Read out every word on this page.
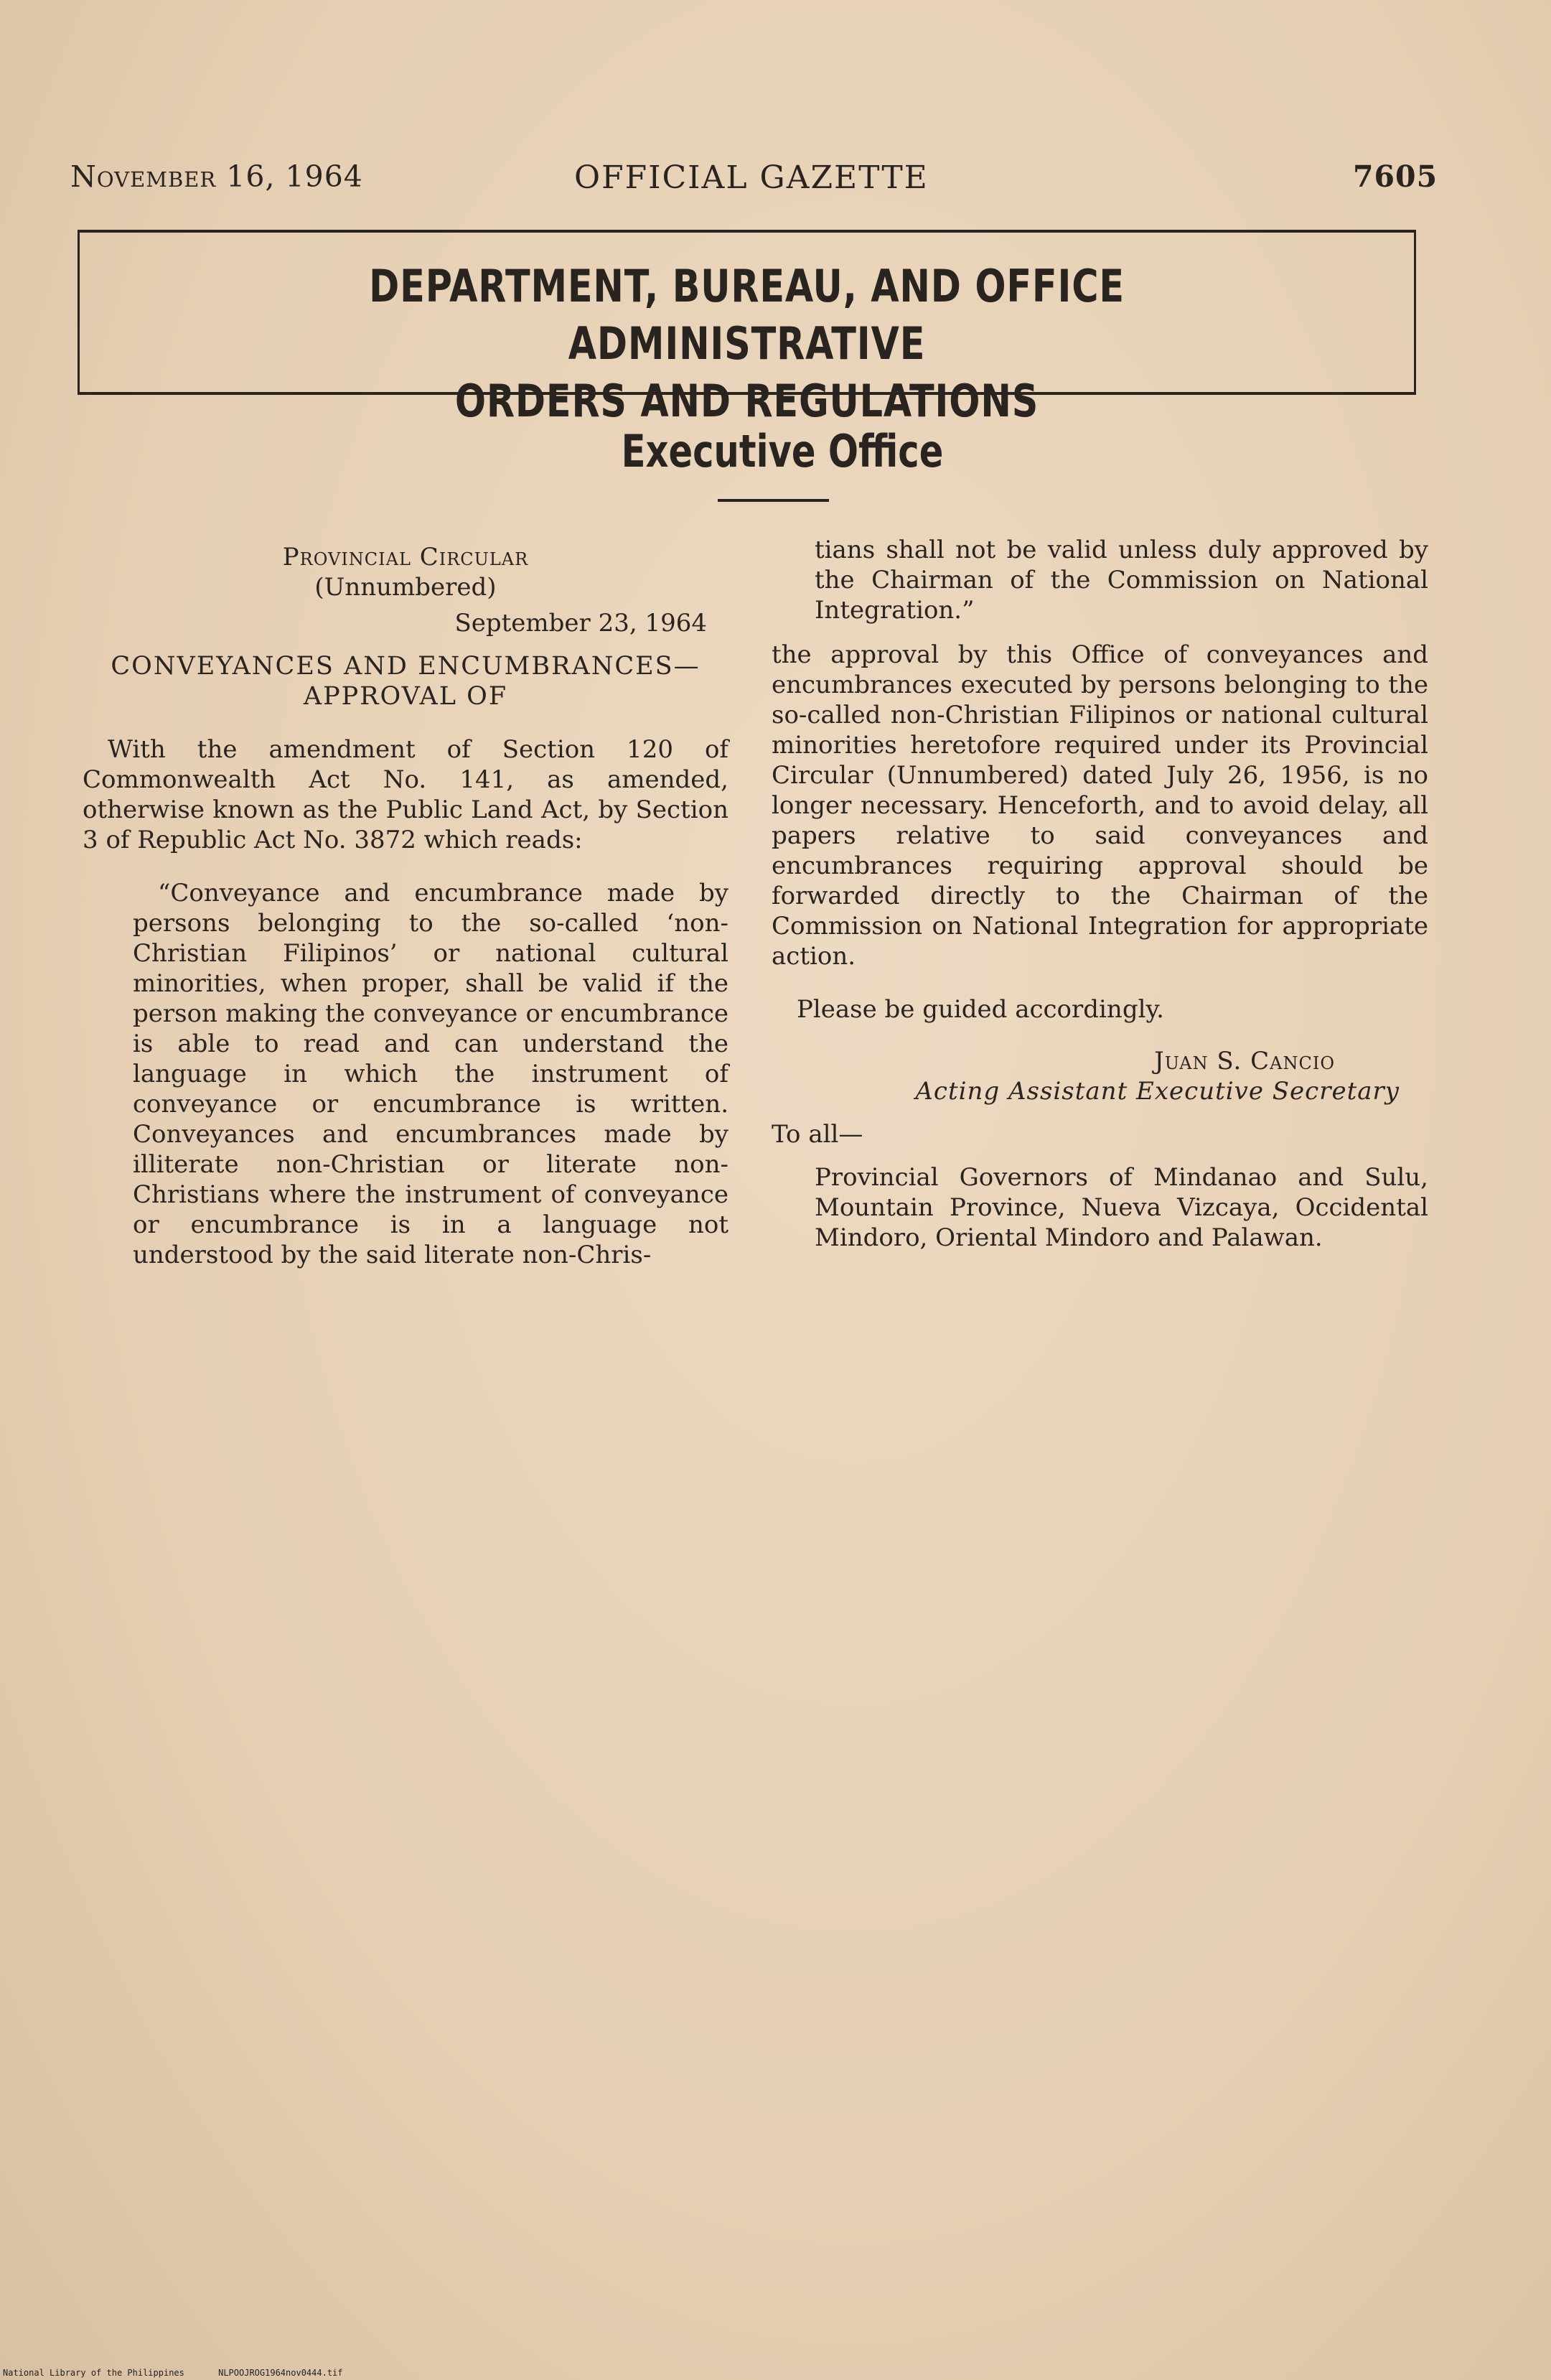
November 16, 1964	OFFICIAL GAZETTE	7605
DEPARTMENT, BUREAU, AND OFFICE ADMINISTRATIVE
ORDERS AND REGULATIONS
Executive Office
Provincial Circular
(Unnumbered)
September 23, 1964
CONVEYANCES AND ENCUMBRANCES—
APPROVAL OF
With the amendment of Section 120 of Commonwealth Act No. 141, as amended, otherwise known as the Public Land Act, by Section 3 of Republic Act No. 3872 which reads:
“Conveyance and encumbrance made by persons belonging to the so-called ‘non-Christian Filipinos’ or national cultural minorities, when proper, shall be valid if the person making the conveyance or encumbrance is able to read and can understand the language in which the instrument of conveyance or encumbrance is written. Conveyances and encumbrances made by illiterate non-Christian or literate non-Christians where the instrument of conveyance or encumbrance is in a language not understood by the said literate non-Chris-
tians shall not be valid unless duly approved by the Chairman of the Commission on National Integration.”
the approval by this Office of conveyances and encumbrances executed by persons belonging to the so-called non-Christian Filipinos or national cultural minorities heretofore required under its Provincial Circular (Unnumbered) dated July 26, 1956, is no longer necessary. Henceforth, and to avoid delay, all papers relative to said conveyances and encumbrances requiring approval should be forwarded directly to the Chairman of the Commission on National Integration for appropriate action.
Please be guided accordingly.
Juan S. Cancio
Acting Assistant Executive Secretary
To all—
Provincial Governors of Mindanao and Sulu, Mountain Province, Nueva Vizcaya, Occidental Mindoro, Oriental Mindoro and Palawan.
National Library of the Philippines	NLPOOJROG1964nov0444.tif
